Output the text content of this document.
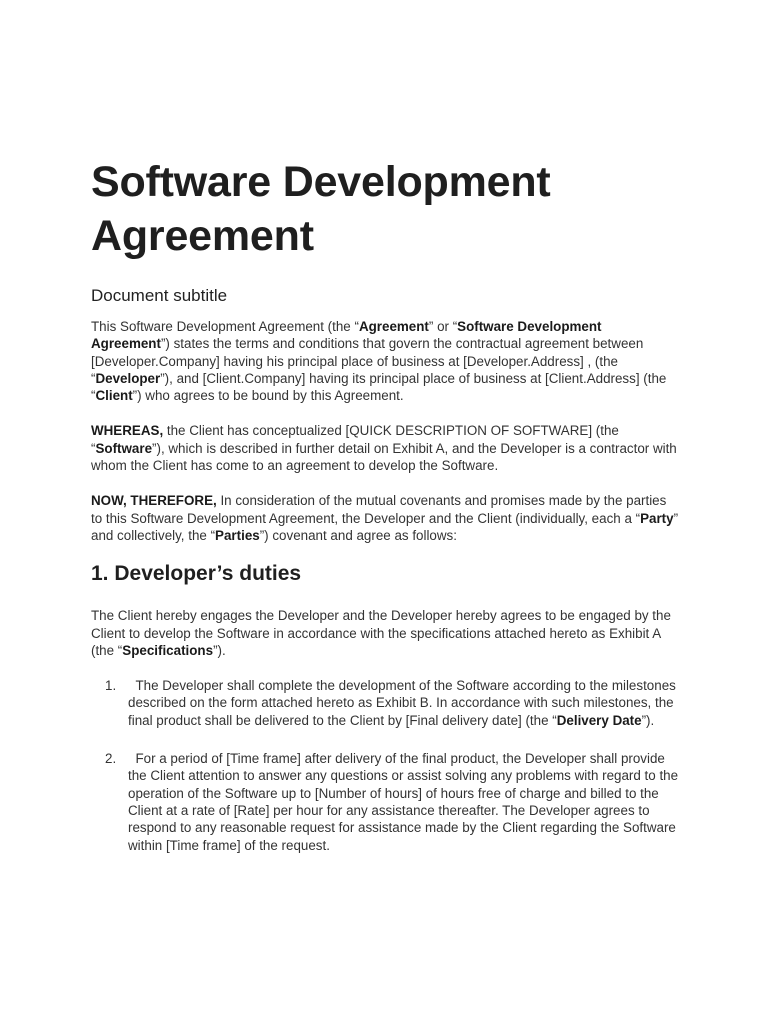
Software Development Agreement
Document subtitle

This Software Development Agreement (the “Agreement” or “Software Development Agreement”) states the terms and conditions that govern the contractual agreement between [Developer.Company] having his principal place of business at [Developer.Address] , (the “Developer”), and [Client.Company] having its principal place of business at [Client.Address] (the “Client”) who agrees to be bound by this Agreement.

WHEREAS, the Client has conceptualized [QUICK DESCRIPTION OF SOFTWARE] (the “Software”), which is described in further detail on Exhibit A, and the Developer is a contractor with whom the Client has come to an agreement to develop the Software.

NOW, THEREFORE, In consideration of the mutual covenants and promises made by the parties to this Software Development Agreement, the Developer and the Client (individually, each a “Party” and collectively, the “Parties”) covenant and agree as follows:

1. Developer’s duties

The Client hereby engages the Developer and the Developer hereby agrees to be engaged by the Client to develop the Software in accordance with the specifications attached hereto as Exhibit A (the “Specifications”).

1. The Developer shall complete the development of the Software according to the milestones described on the form attached hereto as Exhibit B. In accordance with such milestones, the final product shall be delivered to the Client by [Final delivery date] (the “Delivery Date”).
2. For a period of [Time frame] after delivery of the final product, the Developer shall provide the Client attention to answer any questions or assist solving any problems with regard to the operation of the Software up to [Number of hours] of hours free of charge and billed to the Client at a rate of [Rate] per hour for any assistance thereafter. The Developer agrees to respond to any reasonable request for assistance made by the Client regarding the Software within [Time frame] of the request.
